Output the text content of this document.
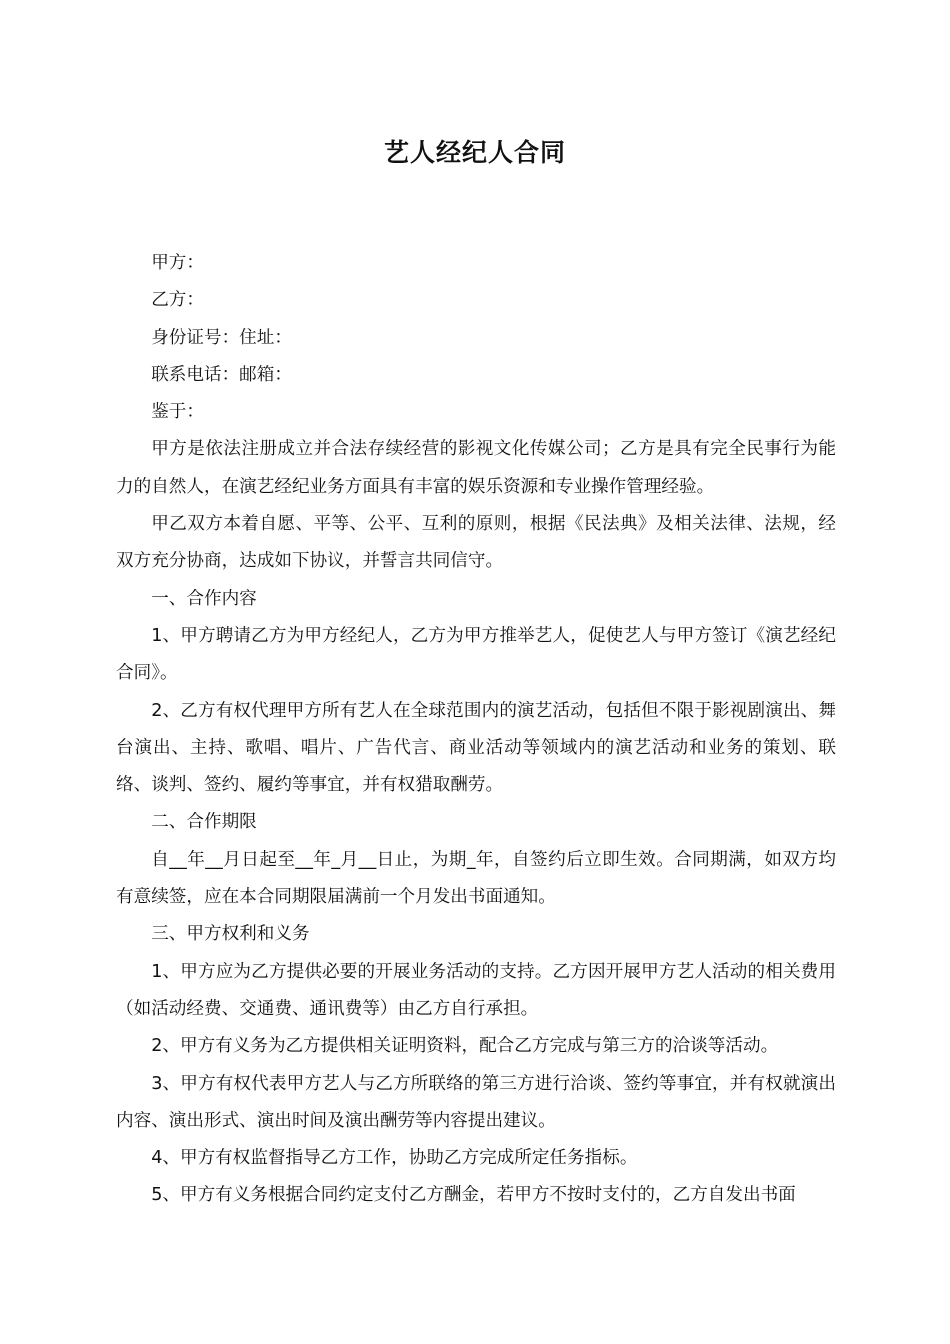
艺人经纪人合同

甲方：

乙方：

身份证号：住址：

联系电话：邮箱：

鉴于：

甲方是依法注册成立并合法存续经营的影视文化传媒公司；乙方是具有完全民事行为能力的自然人，在演艺经纪业务方面具有丰富的娱乐资源和专业操作管理经验。

甲乙双方本着自愿、平等、公平、互利的原则，根据《民法典》及相关法律、法规，经双方充分协商，达成如下协议，并誓言共同信守。

一、合作内容

1、甲方聘请乙方为甲方经纪人，乙方为甲方推举艺人，促使艺人与甲方签订《演艺经纪合同》。

2、乙方有权代理甲方所有艺人在全球范围内的演艺活动，包括但不限于影视剧演出、舞台演出、主持、歌唱、唱片、广告代言、商业活动等领域内的演艺活动和业务的策划、联络、谈判、签约、履约等事宜，并有权猎取酬劳。

二、合作期限

自__年__月日起至__年_月__日止，为期_年，自签约后立即生效。合同期满，如双方均有意续签，应在本合同期限届满前一个月发出书面通知。

三、甲方权利和义务

1、甲方应为乙方提供必要的开展业务活动的支持。乙方因开展甲方艺人活动的相关费用（如活动经费、交通费、通讯费等）由乙方自行承担。

2、甲方有义务为乙方提供相关证明资料，配合乙方完成与第三方的洽谈等活动。

3、甲方有权代表甲方艺人与乙方所联络的第三方进行洽谈、签约等事宜，并有权就演出内容、演出形式、演出时间及演出酬劳等内容提出建议。

4、甲方有权监督指导乙方工作，协助乙方完成所定任务指标。

5、甲方有义务根据合同约定支付乙方酬金，若甲方不按时支付的，乙方自发出书面
